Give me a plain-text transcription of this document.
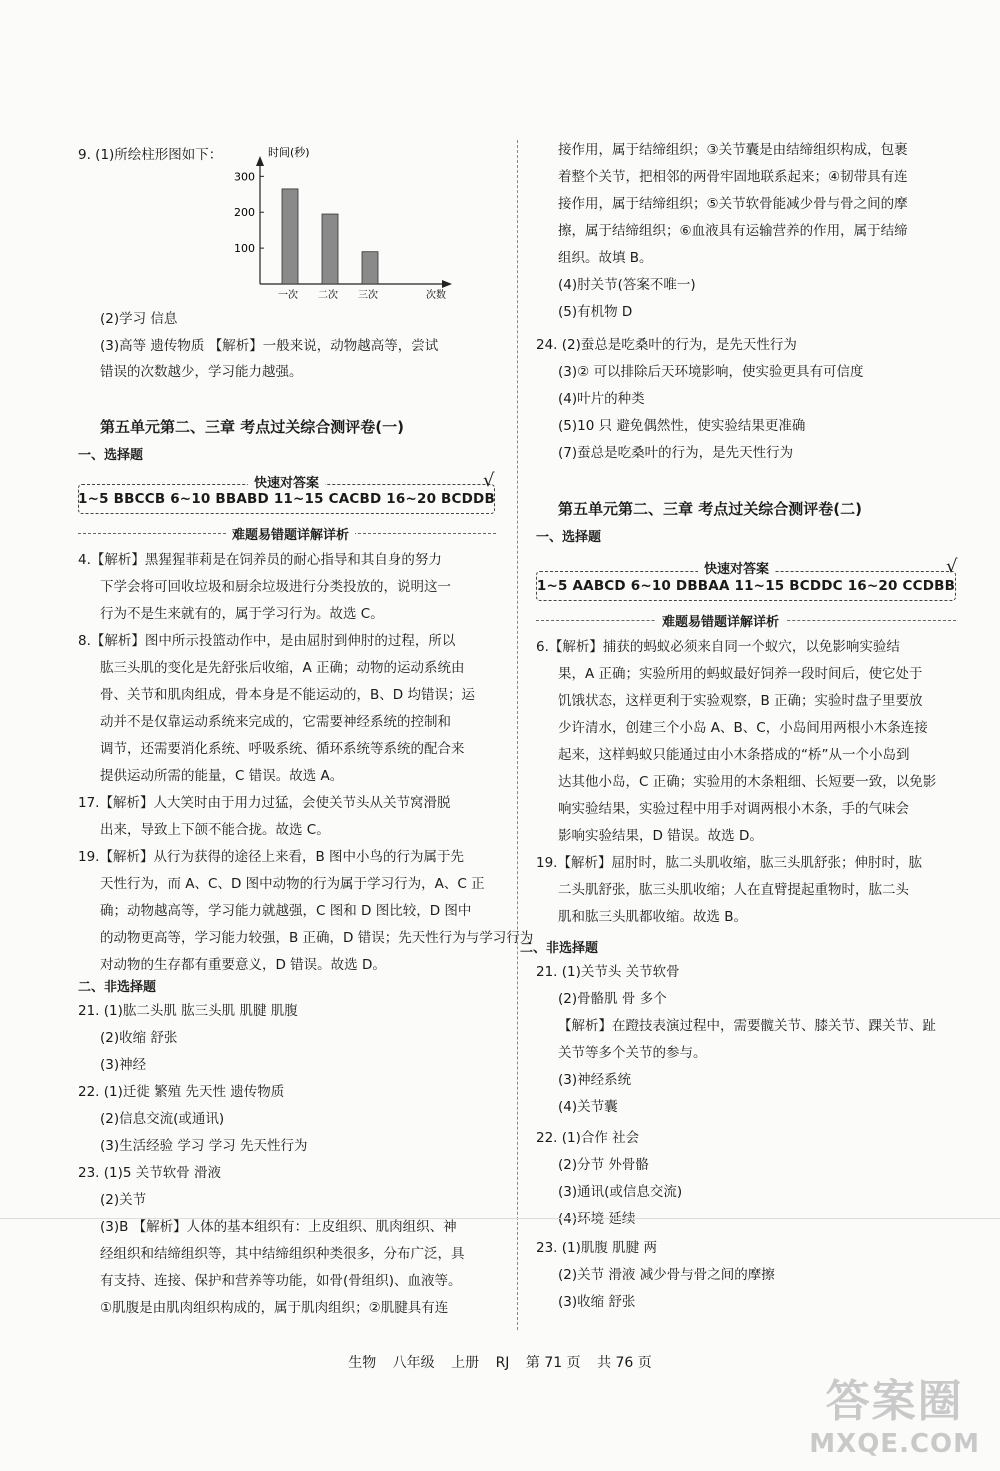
9. (1)所绘柱形图如下：	时间(秒)
100
200
300
一次 二次 三次	次数
(2)学习 信息
(3)高等 遗传物质 【解析】一般来说，动物越高等，尝试
错误的次数越少，学习能力越强。
第五单元第二、三章 考点过关综合测评卷(一)
一、选择题
1~5 BBCCB 6~10 BBABD 11~15 CACBD 16~20 BCDDB
快速对答案	√
难题易错题详解详析
4.【解析】黑猩猩菲莉是在饲养员的耐心指导和其自身的努力
下学会将可回收垃圾和厨余垃圾进行分类投放的，说明这一
行为不是生来就有的，属于学习行为。故选 C。
8.【解析】图中所示投篮动作中，是由屈肘到伸肘的过程，所以
肱三头肌的变化是先舒张后收缩，A 正确；动物的运动系统由
骨、关节和肌肉组成，骨本身是不能运动的，B、D 均错误；运
动并不是仅靠运动系统来完成的，它需要神经系统的控制和
调节，还需要消化系统、呼吸系统、循环系统等系统的配合来
提供运动所需的能量，C 错误。故选 A。
17.【解析】人大笑时由于用力过猛，会使关节头从关节窝滑脱
出来，导致上下颌不能合拢。故选 C。
19.【解析】从行为获得的途径上来看，B 图中小鸟的行为属于先
天性行为，而 A、C、D 图中动物的行为属于学习行为，A、C 正
确；动物越高等，学习能力就越强，C 图和 D 图比较，D 图中
的动物更高等，学习能力较强，B 正确，D 错误；先天性行为与学习行为
对动物的生存都有重要意义，D 错误。故选 D。
21. (1)肱二头肌 肱三头肌 肌腱 肌腹
(2)收缩 舒张
(3)神经
22. (1)迁徙 繁殖 先天性 遗传物质
(2)信息交流(或通讯)
(3)生活经验 学习 学习 先天性行为
23. (1)5 关节软骨 滑液
(2)关节
(3)B 【解析】人体的基本组织有：上皮组织、肌肉组织、神
经组织和结缔组织等，其中结缔组织种类很多，分布广泛，具
有支持、连接、保护和营养等功能，如骨(骨组织)、血液等。
①肌腹是由肌肉组织构成的，属于肌肉组织；②肌腱具有连
二、非选择题
接作用，属于结缔组织；③关节囊是由结缔组织构成，包裹
着整个关节，把相邻的两骨牢固地联系起来；④韧带具有连
接作用，属于结缔组织；⑤关节软骨能减少骨与骨之间的摩
擦，属于结缔组织；⑥血液具有运输营养的作用，属于结缔
组织。故填 B。
(4)肘关节(答案不唯一)
(5)有机物 D
24. (2)蚕总是吃桑叶的行为，是先天性行为
(3)② 可以排除后天环境影响，使实验更具有可信度
(4)叶片的种类
(5)10 只 避免偶然性，使实验结果更准确
(7)蚕总是吃桑叶的行为，是先天性行为
6.【解析】捕获的蚂蚁必须来自同一个蚁穴，以免影响实验结
果，A 正确；实验所用的蚂蚁最好饲养一段时间后，使它处于
饥饿状态，这样更利于实验观察，B 正确；实验时盘子里要放
少许清水，创建三个小岛 A、B、C，小岛间用两根小木条连接
起来，这样蚂蚁只能通过由小木条搭成的“桥”从一个小岛到
达其他小岛，C 正确；实验用的木条粗细、长短要一致，以免影
响实验结果，实验过程中用手对调两根小木条，手的气味会
影响实验结果，D 错误。故选 D。
19.【解析】屈肘时，肱二头肌收缩，肱三头肌舒张；伸肘时，肱
二头肌舒张，肱三头肌收缩；人在直臂提起重物时，肱二头
肌和肱三头肌都收缩。故选 B。
21. (1)关节头 关节软骨
(2)骨骼肌 骨 多个
【解析】在蹬技表演过程中，需要髋关节、膝关节、踝关节、趾
关节等多个关节的参与。
(3)神经系统
(4)关节囊
22. (1)合作 社会
(2)分节 外骨骼
(3)通讯(或信息交流)
(4)环境 延续
23. (1)肌腹 肌腱 两
(2)关节 滑液 减少骨与骨之间的摩擦
(3)收缩 舒张
二、非选择题
第五单元第二、三章 考点过关综合测评卷(二)
一、选择题
1~5 AABCD 6~10 DBBAA 11~15 BCDDC 16~20 CCDBB
快速对答案	√
难题易错题详解详析
生物 八年级 上册 RJ 第 71 页 共 76 页
答案圈
MXQE.COM
